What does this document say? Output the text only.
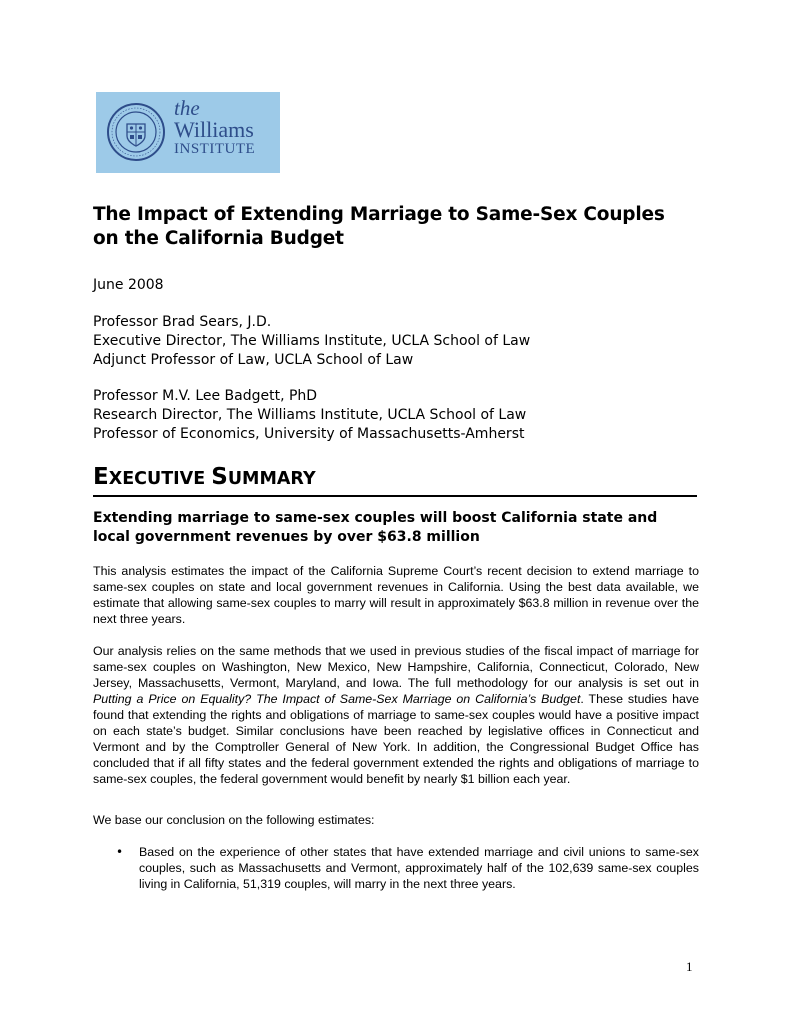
the
Williams
INSTITUTE
The Impact of Extending Marriage to Same-Sex Couples
on the California Budget

June 2008

Professor Brad Sears, J.D.
Executive Director, The Williams Institute, UCLA School of Law
Adjunct Professor of Law, UCLA School of Law
Professor M.V. Lee Badgett, PhD
Research Director, The Williams Institute, UCLA School of Law
Professor of Economics, University of Massachusetts-Amherst
EXECUTIVE SUMMARY
Extending marriage to same-sex couples will boost California state and local government revenues by over $63.8 million

This analysis estimates the impact of the California Supreme Court’s recent decision to extend marriage to same-sex couples on state and local government revenues in California. Using the best data available, we estimate that allowing same-sex couples to marry will result in approximately $63.8 million in revenue over the next three years.

Our analysis relies on the same methods that we used in previous studies of the fiscal impact of marriage for same-sex couples on Washington, New Mexico, New Hampshire, California, Connecticut, Colorado, New Jersey, Massachusetts, Vermont, Maryland, and Iowa. The full methodology for our analysis is set out in Putting a Price on Equality? The Impact of Same-Sex Marriage on California’s Budget. These studies have found that extending the rights and obligations of marriage to same-sex couples would have a positive impact on each state’s budget. Similar conclusions have been reached by legislative offices in Connecticut and Vermont and by the Comptroller General of New York. In addition, the Congressional Budget Office has concluded that if all fifty states and the federal government extended the rights and obligations of marriage to same-sex couples, the federal government would benefit by nearly $1 billion each year.

We base our conclusion on the following estimates:

• Based on the experience of other states that have extended marriage and civil unions to same-sex couples, such as Massachusetts and Vermont, approximately half of the 102,639 same-sex couples living in California, 51,319 couples, will marry in the next three years.

1
